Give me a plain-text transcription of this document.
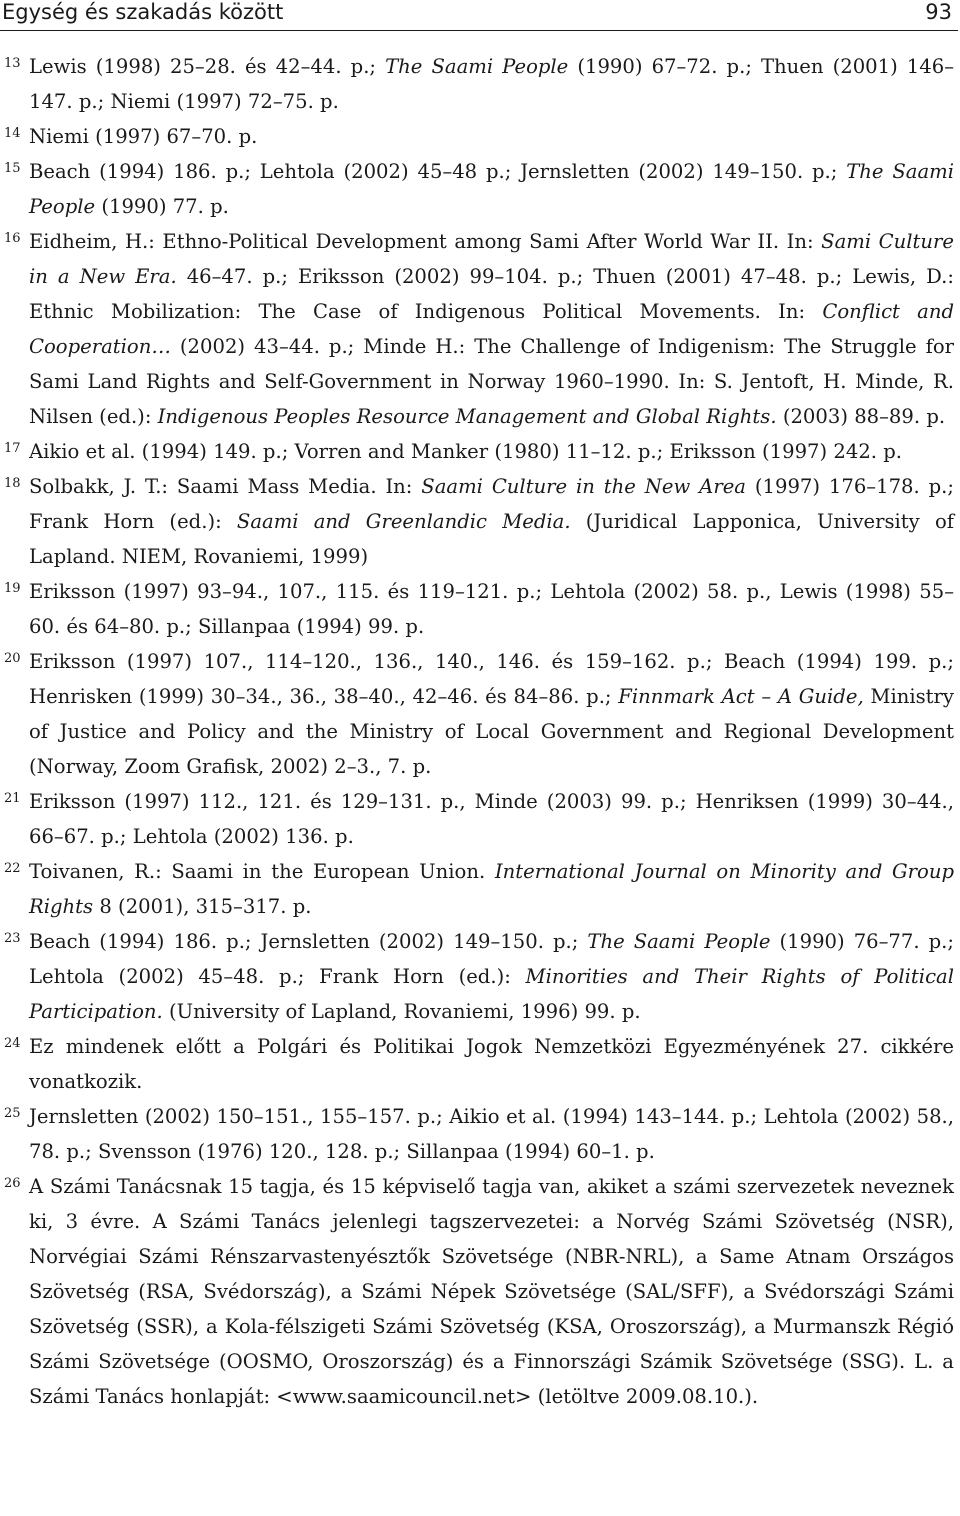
Egység és szakadás között	93
13 Lewis (1998) 25–28. és 42–44. p.; The Saami People (1990) 67–72. p.; Thuen (2001) 146–147. p.; Niemi (1997) 72–75. p.
14 Niemi (1997) 67–70. p.
15 Beach (1994) 186. p.; Lehtola (2002) 45–48 p.; Jernsletten (2002) 149–150. p.; The Saami People (1990) 77. p.
16 Eidheim, H.: Ethno-Political Development among Sami After World War II. In: Sami Culture in a New Era. 46–47. p.; Eriksson (2002) 99–104. p.; Thuen (2001) 47–48. p.; Lewis, D.: Ethnic Mobilization: The Case of Indigenous Political Movements. In: Conflict and Cooperation… (2002) 43–44. p.; Minde H.: The Challenge of Indigenism: The Struggle for Sami Land Rights and Self-Government in Norway 1960–1990. In: S. Jentoft, H. Minde, R. Nilsen (ed.): Indigenous Peoples Resource Management and Global Rights. (2003) 88–89. p.
17 Aikio et al. (1994) 149. p.; Vorren and Manker (1980) 11–12. p.; Eriksson (1997) 242. p.
18 Solbakk, J. T.: Saami Mass Media. In: Saami Culture in the New Area (1997) 176–178. p.; Frank Horn (ed.): Saami and Greenlandic Media. (Juridical Lapponica, University of Lapland. NIEM, Rovaniemi, 1999)
19 Eriksson (1997) 93–94., 107., 115. és 119–121. p.; Lehtola (2002) 58. p., Lewis (1998) 55–60. és 64–80. p.; Sillanpaa (1994) 99. p.
20 Eriksson (1997) 107., 114–120., 136., 140., 146. és 159–162. p.; Beach (1994) 199. p.; Henrisken (1999) 30–34., 36., 38–40., 42–46. és 84–86. p.; Finnmark Act – A Guide, Ministry of Justice and Policy and the Ministry of Local Government and Regional Development (Norway, Zoom Grafisk, 2002) 2–3., 7. p.
21 Eriksson (1997) 112., 121. és 129–131. p., Minde (2003) 99. p.; Henriksen (1999) 30–44., 66–67. p.; Lehtola (2002) 136. p.
22 Toivanen, R.: Saami in the European Union. International Journal on Minority and Group Rights 8 (2001), 315–317. p.
23 Beach (1994) 186. p.; Jernsletten (2002) 149–150. p.; The Saami People (1990) 76–77. p.; Lehtola (2002) 45–48. p.; Frank Horn (ed.): Minorities and Their Rights of Political Participation. (University of Lapland, Rovaniemi, 1996) 99. p.
24 Ez mindenek előtt a Polgári és Politikai Jogok Nemzetközi Egyezményének 27. cikkére vonatkozik.
25 Jernsletten (2002) 150–151., 155–157. p.; Aikio et al. (1994) 143–144. p.; Lehtola (2002) 58., 78. p.; Svensson (1976) 120., 128. p.; Sillanpaa (1994) 60–1. p.
26 A Számi Tanácsnak 15 tagja, és 15 képviselő tagja van, akiket a számi szervezetek neveznek ki, 3 évre. A Számi Tanács jelenlegi tagszervezetei: a Norvég Számi Szövetség (NSR), Norvégiai Számi Rénszarvastenyésztők Szövetsége (NBR-NRL), a Same Atnam Országos Szövetség (RSA, Svédország), a Számi Népek Szövetsége (SAL/SFF), a Svédországi Számi Szövetség (SSR), a Kola-félszigeti Számi Szövetség (KSA, Oroszország), a Murmanszk Régió Számi Szövetsége (OOSMO, Oroszország) és a Finnországi Számik Szövetsége (SSG). L. a Számi Tanács honlapját: <www.saamicouncil.net> (letöltve 2009.08.10.).
